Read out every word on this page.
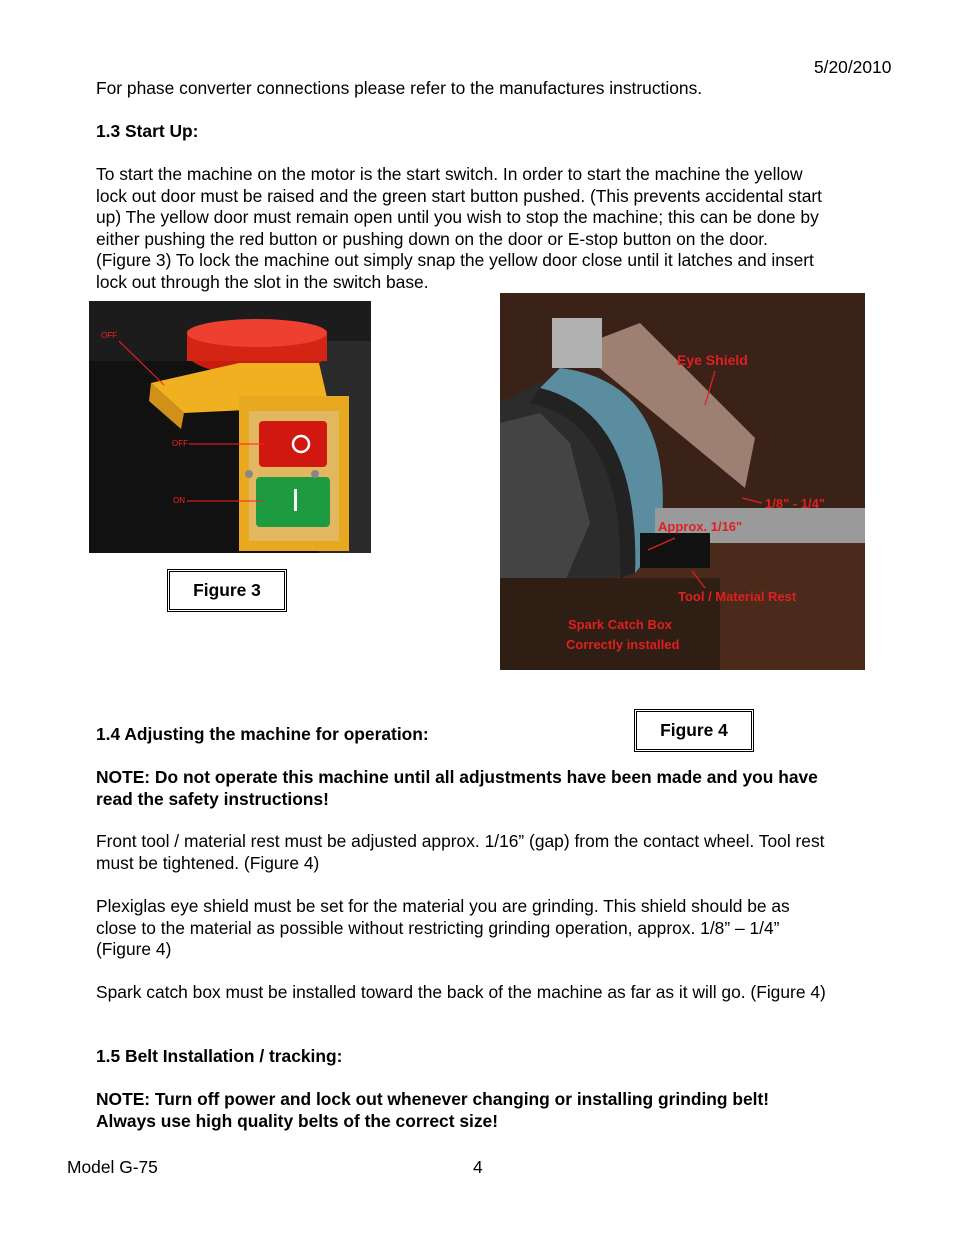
5/20/2010
For phase converter connections please refer to the manufactures instructions.
1.3 Start Up:
To start the machine on the motor is the start switch. In order to start the machine the yellow
lock out door must be raised and the green start button pushed. (This prevents accidental start
up) The yellow door must remain open until you wish to stop the machine; this can be done by
either pushing the red button or pushing down on the door or E-stop button on the door.
(Figure 3) To lock the machine out simply snap the yellow door close until it latches and insert
lock out through the slot in the switch base.
OFF
OFF
ON
Figure 3
Eye Shield
1/8" - 1/4"
Approx. 1/16"
Tool / Material Rest
Spark Catch Box
Correctly installed
Figure 4
1.4 Adjusting the machine for operation:
NOTE: Do not operate this machine until all adjustments have been made and you have
read the safety instructions!
Front tool / material rest must be adjusted approx. 1/16” (gap) from the contact wheel. Tool rest
must be tightened. (Figure 4)
Plexiglas eye shield must be set for the material you are grinding. This shield should be as
close to the material as possible without restricting grinding operation, approx. 1/8” – 1/4”
(Figure 4)
Spark catch box must be installed toward the back of the machine as far as it will go. (Figure 4)
1.5 Belt Installation / tracking:
NOTE: Turn off power and lock out whenever changing or installing grinding belt!
Always use high quality belts of the correct size!
Model G-75	4
